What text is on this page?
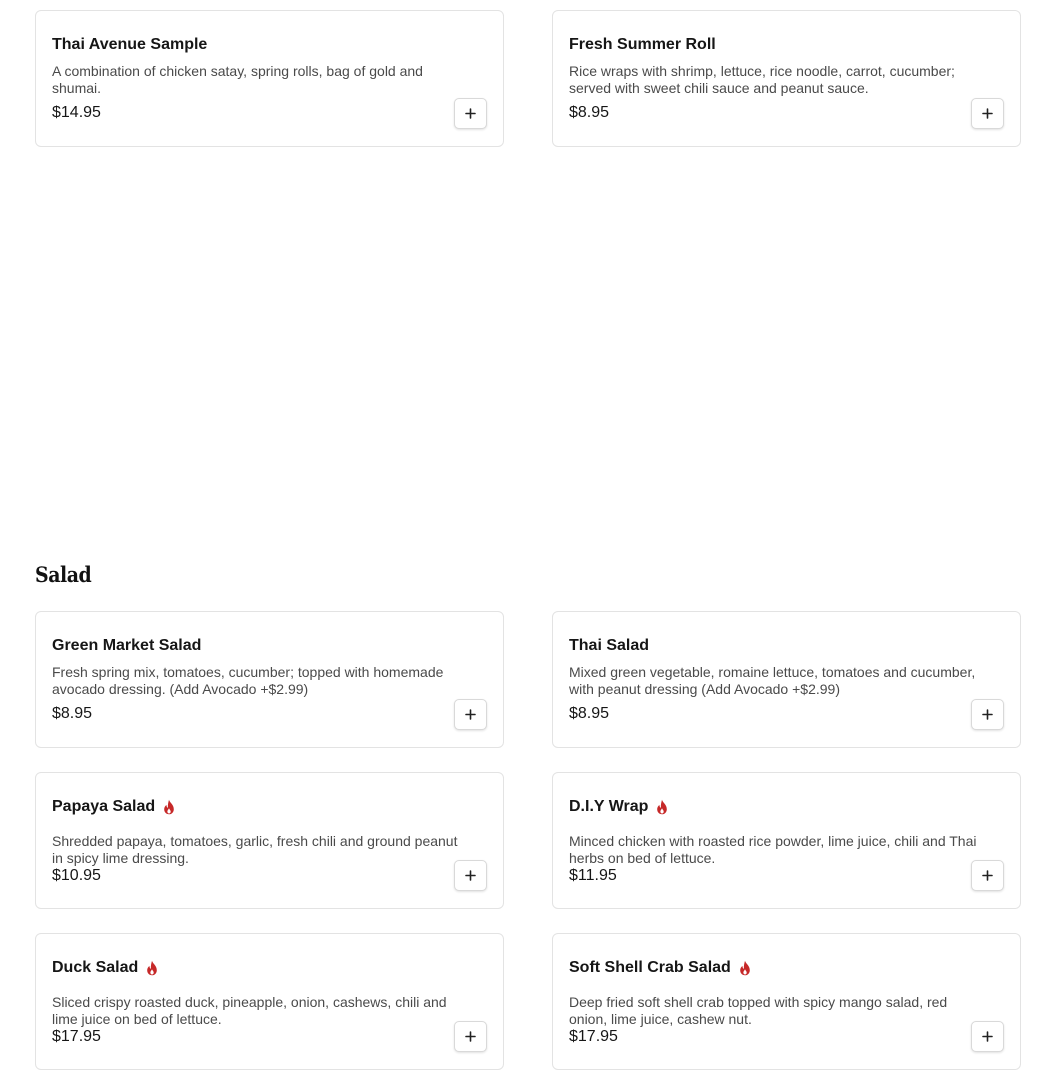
Thai Avenue Sample
A combination of chicken satay, spring rolls, bag of gold and shumai.
$14.95
Fresh Summer Roll
Rice wraps with shrimp, lettuce, rice noodle, carrot, cucumber; served with sweet chili sauce and peanut sauce.
$8.95
Salad
Green Market Salad
Fresh spring mix, tomatoes, cucumber; topped with homemade avocado dressing. (Add Avocado +$2.99)
$8.95
Thai Salad
Mixed green vegetable, romaine lettuce, tomatoes and cucumber, with peanut dressing (Add Avocado +$2.99)
$8.95
Papaya Salad
Shredded papaya, tomatoes, garlic, fresh chili and ground peanut in spicy lime dressing.
$10.95
D.I.Y Wrap
Minced chicken with roasted rice powder, lime juice, chili and Thai herbs on bed of lettuce.
$11.95
Duck Salad
Sliced crispy roasted duck, pineapple, onion, cashews, chili and lime juice on bed of lettuce.
$17.95
Soft Shell Crab Salad
Deep fried soft shell crab topped with spicy mango salad, red onion, lime juice, cashew nut.
$17.95
